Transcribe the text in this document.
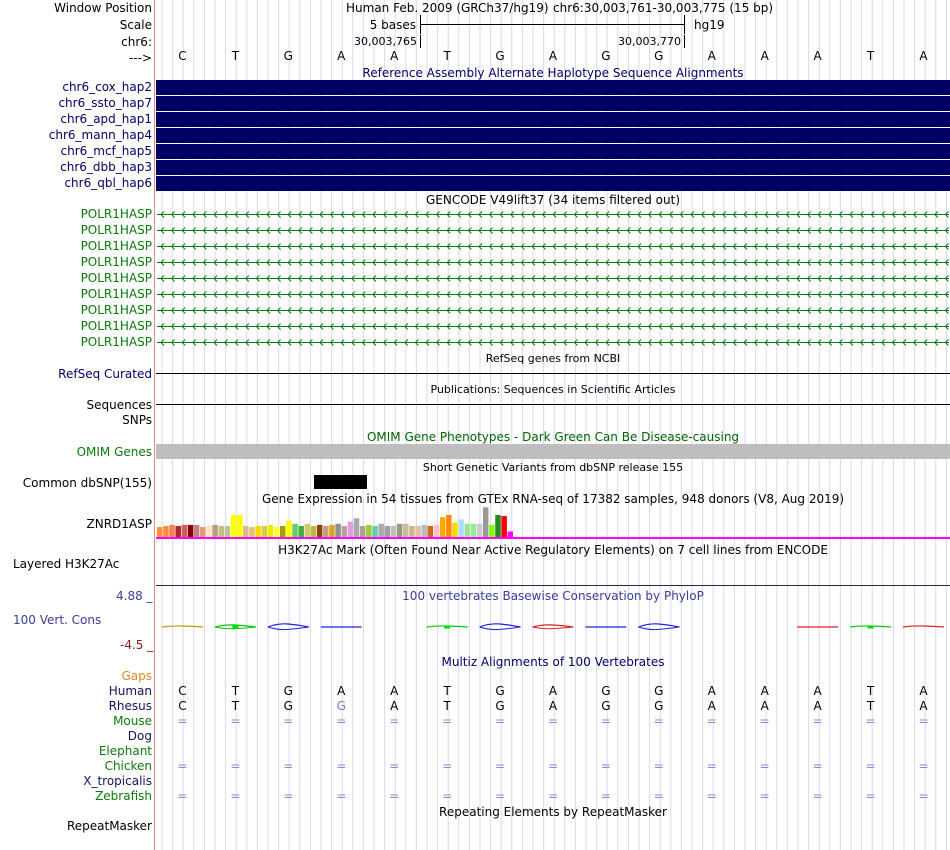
Window Position	Human Feb. 2009 (GRCh37/hg19) chr6:30,003,761-30,003,775 (15 bp)
Scale	5 bases	hg19
chr6:	30,003,765	30,003,770
--->	C	T	G	A	A	T	G	A	G	G	A	A	A	T	A
Reference Assembly Alternate Haplotype Sequence Alignments
chr6_cox_hap2
chr6_ssto_hap7
chr6_apd_hap1
chr6_mann_hap4
chr6_mcf_hap5
chr6_dbb_hap3
chr6_qbl_hap6
GENCODE V49lift37 (34 items filtered out)
POLR1HASP
POLR1HASP
POLR1HASP
POLR1HASP
POLR1HASP
POLR1HASP
POLR1HASP
POLR1HASP
POLR1HASP
RefSeq genes from NCBI
RefSeq Curated
Publications: Sequences in Scientific Articles
Sequences
SNPs
OMIM Gene Phenotypes - Dark Green Can Be Disease-causing
OMIM Genes
Short Genetic Variants from dbSNP release 155
Common dbSNP(155)
Gene Expression in 54 tissues from GTEx RNA-seq of 17382 samples, 948 donors (V8, Aug 2019)
ZNRD1ASP
H3K27Ac Mark (Often Found Near Active Regulatory Elements) on 7 cell lines from ENCODE
Layered H3K27Ac
100 vertebrates Basewise Conservation by PhyloP
4.88 _
100 Vert. Cons
-4.5 _
Multiz Alignments of 100 Vertebrates
Gaps
Human	C	T	G	A	A	T	G	A	G	G	A	A	A	T	A
Rhesus	C	T	G	G	A	T	G	A	G	G	A	A	A	T	A
Mouse	=	=	=	=	=	=	=	=	=	=	=	=	=	=	=
Dog
Elephant
Chicken	=	=	=	=	=	=	=	=	=	=	=	=	=	=	=
X_tropicalis
Zebrafish	=	=	=	=	=	=	=	=	=	=	=	=	=	=	=
Repeating Elements by RepeatMasker
RepeatMasker
